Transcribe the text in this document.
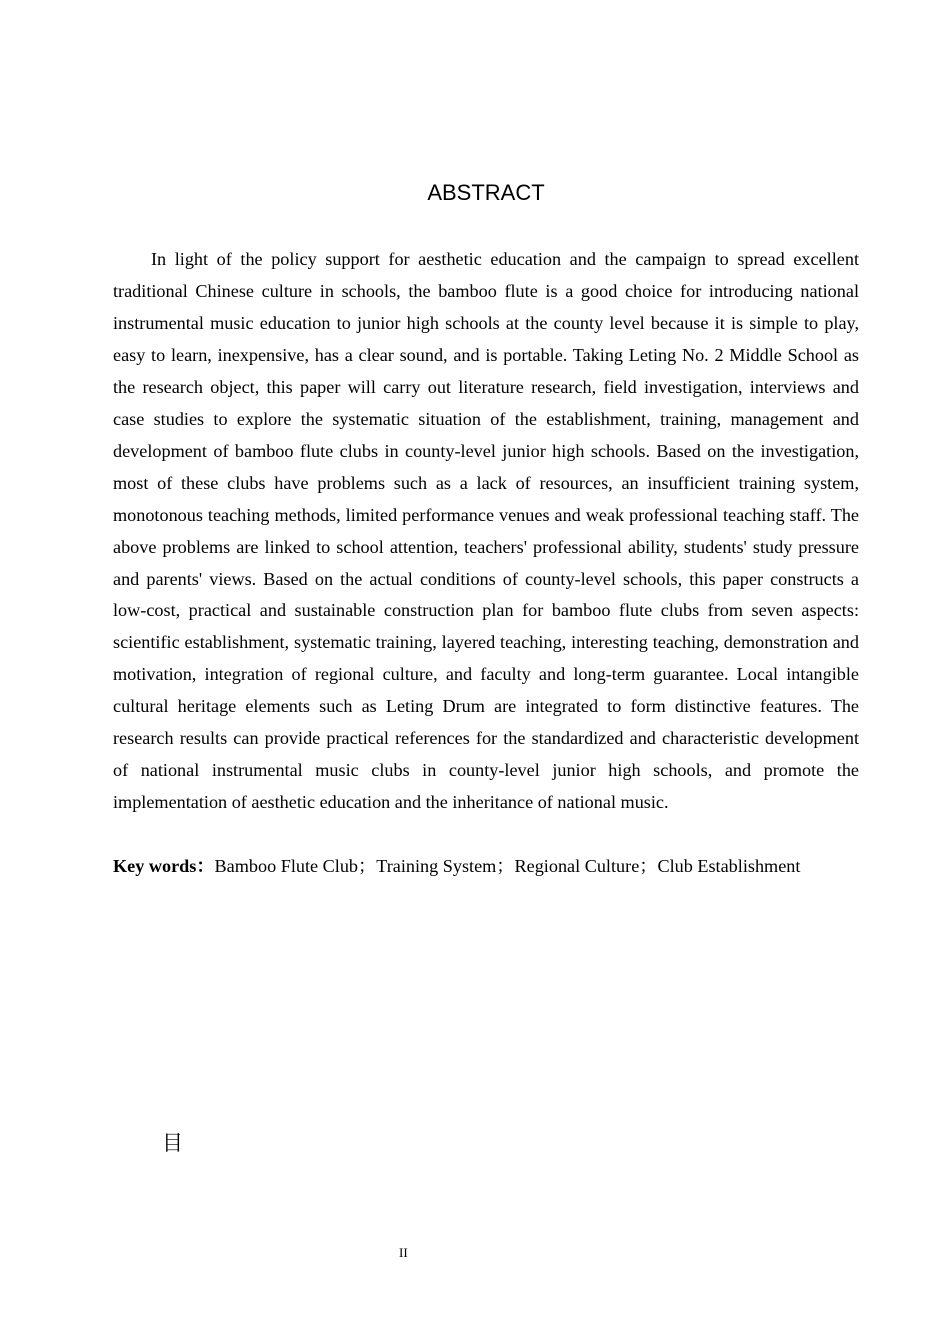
ABSTRACT

In light of the policy support for aesthetic education and the campaign to spread excellent traditional Chinese culture in schools, the bamboo flute is a good choice for introducing national instrumental music education to junior high schools at the county level because it is simple to play, easy to learn, inexpensive, has a clear sound, and is portable. Taking Leting No. 2 Middle School as the research object, this paper will carry out literature research, field investigation, interviews and case studies to explore the systematic situation of the establishment, training, management and development of bamboo flute clubs in county-level junior high schools. Based on the investigation, most of these clubs have problems such as a lack of resources, an insufficient training system, monotonous teaching methods, limited performance venues and weak professional teaching staff. The above problems are linked to school attention, teachers' professional ability, students' study pressure and parents' views. Based on the actual conditions of county-level schools, this paper constructs a low-cost, practical and sustainable construction plan for bamboo flute clubs from seven aspects: scientific establishment, systematic training, layered teaching, interesting teaching, demonstration and motivation, integration of regional culture, and faculty and long-term guarantee. Local intangible cultural heritage elements such as Leting Drum are integrated to form distinctive features. The research results can provide practical references for the standardized and characteristic development of national instrumental music clubs in county-level junior high schools, and promote the implementation of aesthetic education and the inheritance of national music.

Key words：Bamboo Flute Club；Training System；Regional Culture；Club Establishment

目
II
